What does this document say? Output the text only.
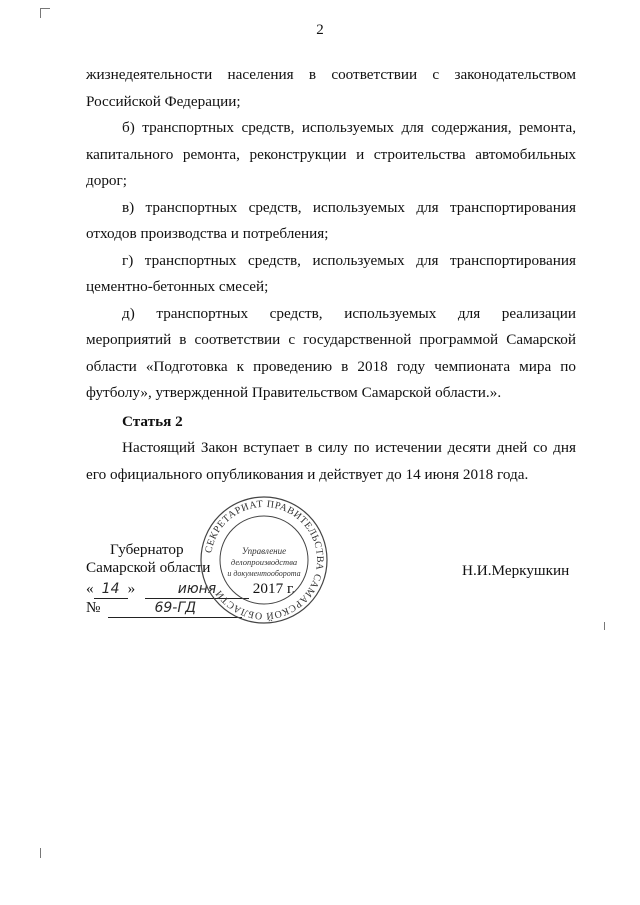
2

жизнедеятельности населения в соответствии с законодательством Российской Федерации;

б) транспортных средств, используемых для содержания, ремонта, капитального ремонта, реконструкции и строительства автомобильных дорог;

в) транспортных средств, используемых для транспортирования отходов производства и потребления;

г) транспортных средств, используемых для транспортирования цементно-бетонных смесей;

д) транспортных средств, используемых для реализации мероприятий в соответствии с государственной программой Самарской области «Подготовка к проведению в 2018 году чемпионата мира по футболу», утвержденной Правительством Самарской области.».

Статья 2

Настоящий Закон вступает в силу по истечении десяти дней со дня его официального опубликования и действует до 14 июня 2018 года.

Губернатор
Самарской области
« 14 »	июня 2017 г.
№	69-ГД
Н.И.Меркушкин
СЕКРЕТАРИАТ ПРАВИТЕЛЬСТВА САМАРСКОЙ ОБЛАСТИ
Управление
делопроизводства
и документооборота
